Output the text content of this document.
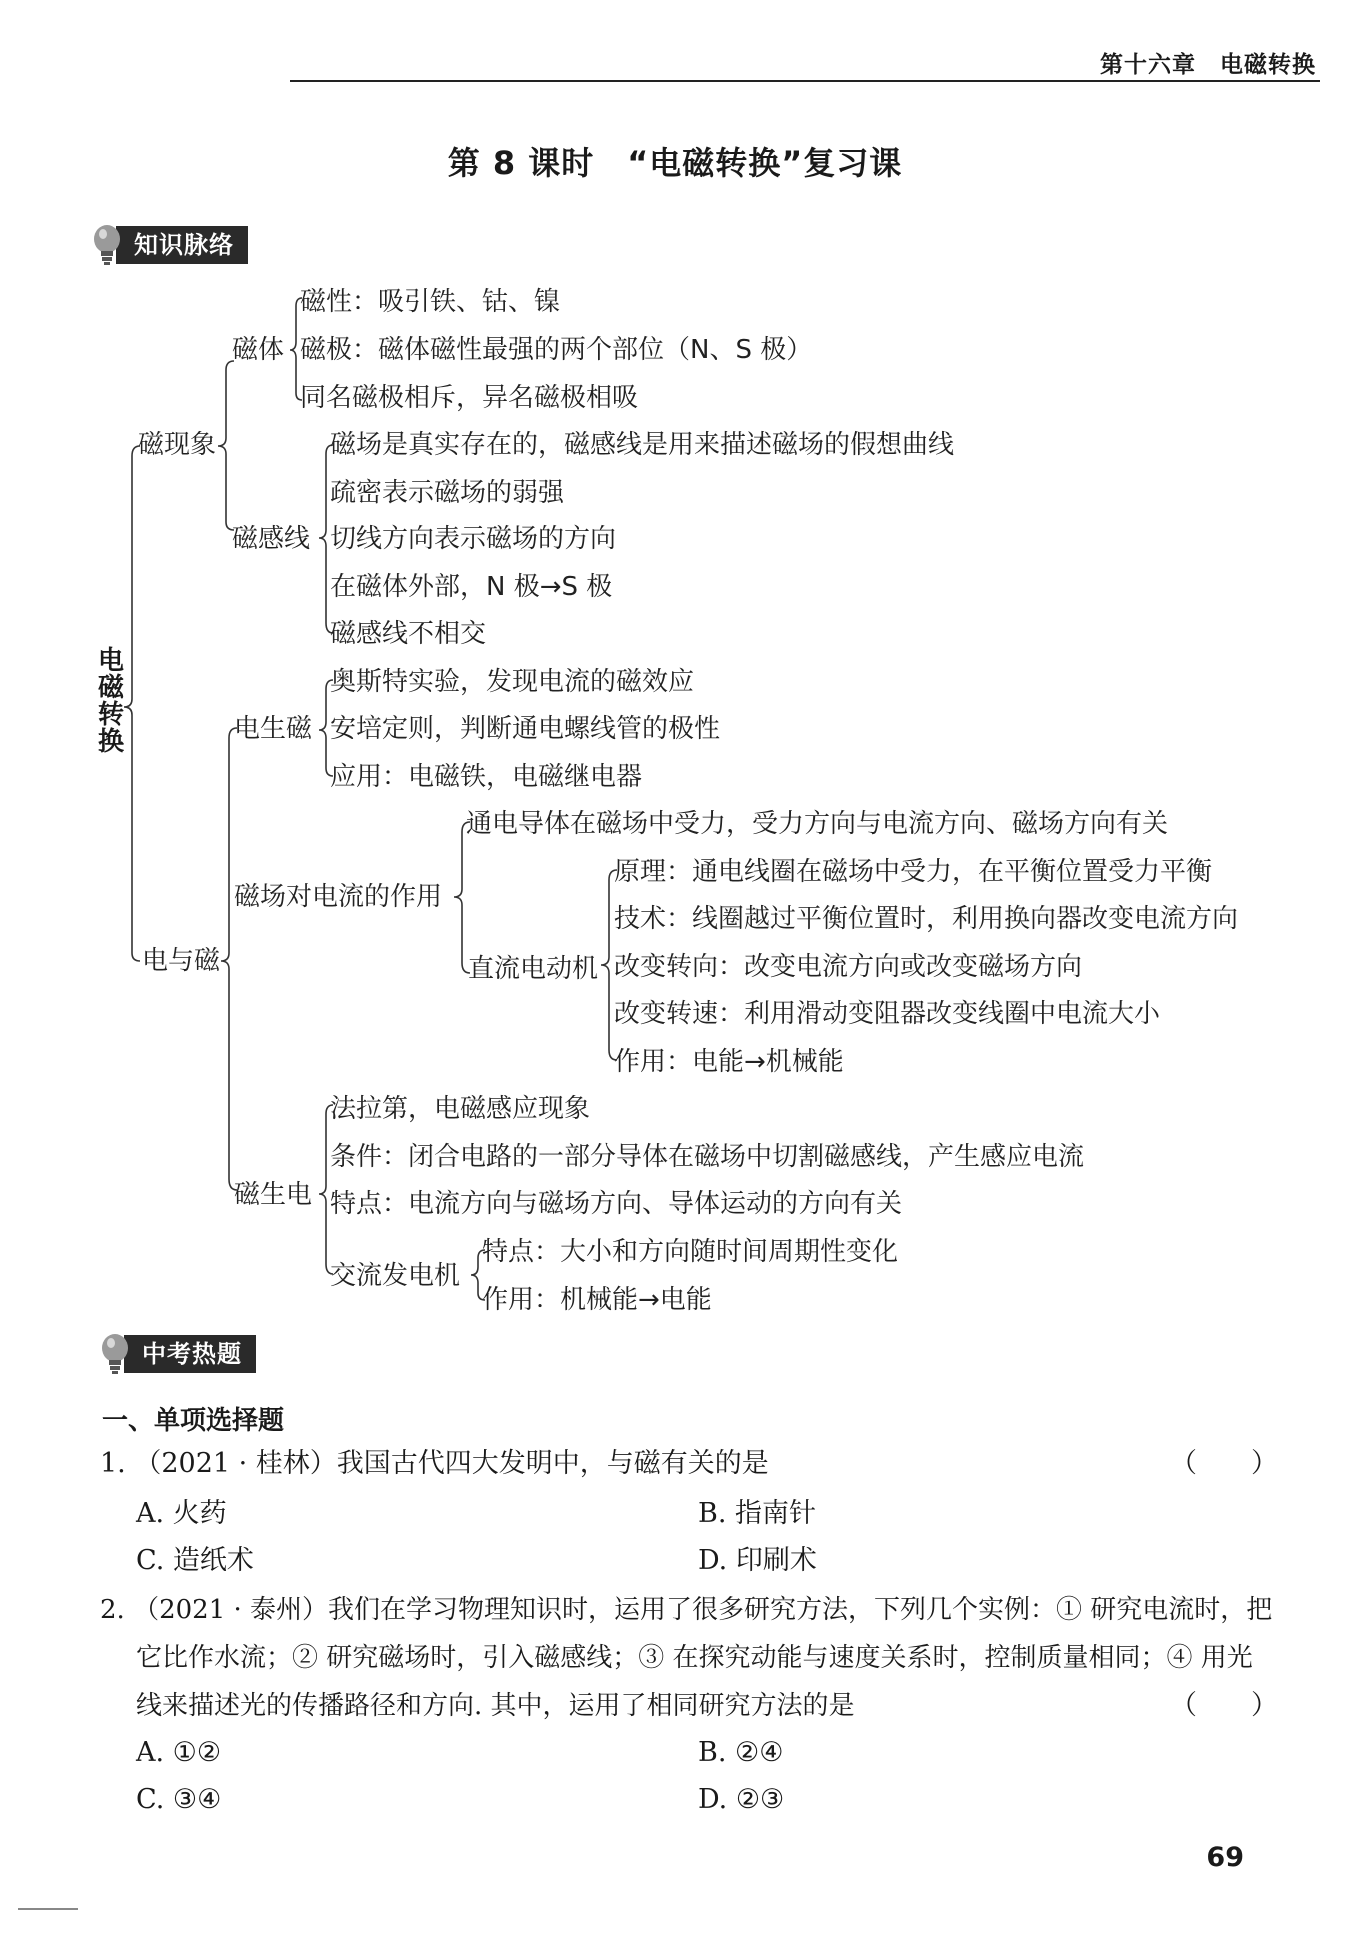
第十六章　电磁转换
第 8 课时　“电磁转换”复习课
知识脉络
电磁转换
磁现象
磁体
磁性：吸引铁、钴、镍
磁极：磁体磁性最强的两个部位（N、S 极）
同名磁极相斥，异名磁极相吸
磁感线
磁场是真实存在的，磁感线是用来描述磁场的假想曲线
疏密表示磁场的弱强
切线方向表示磁场的方向
在磁体外部，N 极→S 极
磁感线不相交
电与磁
电生磁
奥斯特实验，发现电流的磁效应
安培定则，判断通电螺线管的极性
应用：电磁铁，电磁继电器
磁场对电流的作用
通电导体在磁场中受力，受力方向与电流方向、磁场方向有关
直流电动机
原理：通电线圈在磁场中受力，在平衡位置受力平衡
技术：线圈越过平衡位置时，利用换向器改变电流方向
改变转向：改变电流方向或改变磁场方向
改变转速：利用滑动变阻器改变线圈中电流大小
作用：电能→机械能
磁生电
法拉第，电磁感应现象
条件：闭合电路的一部分导体在磁场中切割磁感线，产生感应电流
特点：电流方向与磁场方向、导体运动的方向有关
交流发电机
特点：大小和方向随时间周期性变化
作用：机械能→电能
中考热题
一、单项选择题
1. （2021 · 桂林）我国古代四大发明中，与磁有关的是	（　　）
A. 火药	B. 指南针
C. 造纸术	D. 印刷术
2. （2021 · 泰州）我们在学习物理知识时，运用了很多研究方法，下列几个实例：① 研究电流时，把
它比作水流；② 研究磁场时，引入磁感线；③ 在探究动能与速度关系时，控制质量相同；④ 用光
线来描述光的传播路径和方向. 其中，运用了相同研究方法的是	（　　）
A. ①②	B. ②④
C. ③④	D. ②③
69
